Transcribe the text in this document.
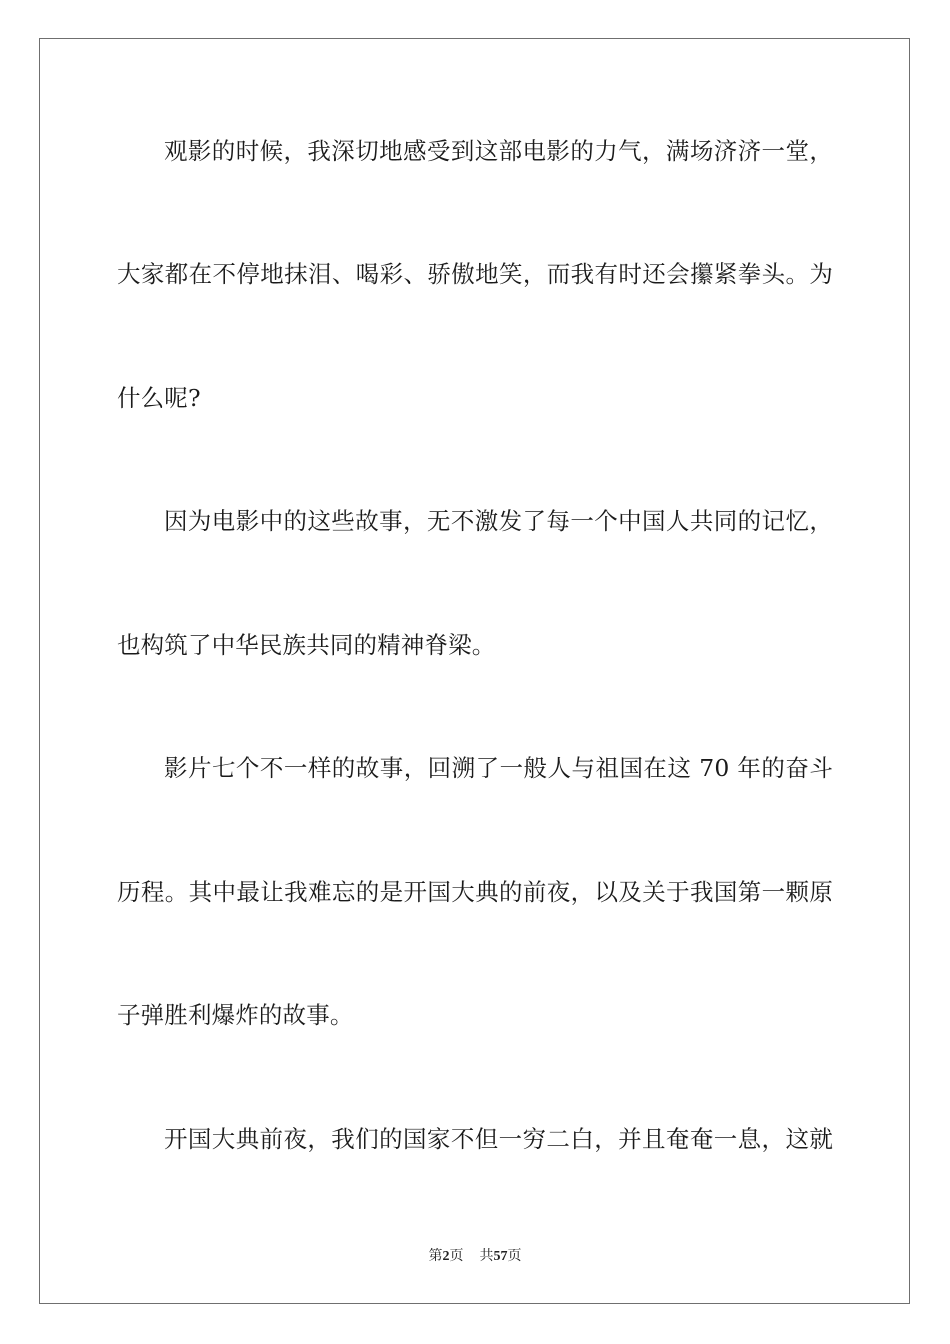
观影的时候，我深切地感受到这部电影的力气，满场济济一堂，
大家都在不停地抹泪、喝彩、骄傲地笑，而我有时还会攥紧拳头。为
什么呢?
因为电影中的这些故事，无不激发了每一个中国人共同的记忆，
也构筑了中华民族共同的精神脊梁。
影片七个不一样的故事，回溯了一般人与祖国在这 70 年的奋斗
历程。其中最让我难忘的是开国大典的前夜，以及关于我国第一颗原
子弹胜利爆炸的故事。
开国大典前夜，我们的国家不但一穷二白，并且奄奄一息，这就
第2页 共57页
